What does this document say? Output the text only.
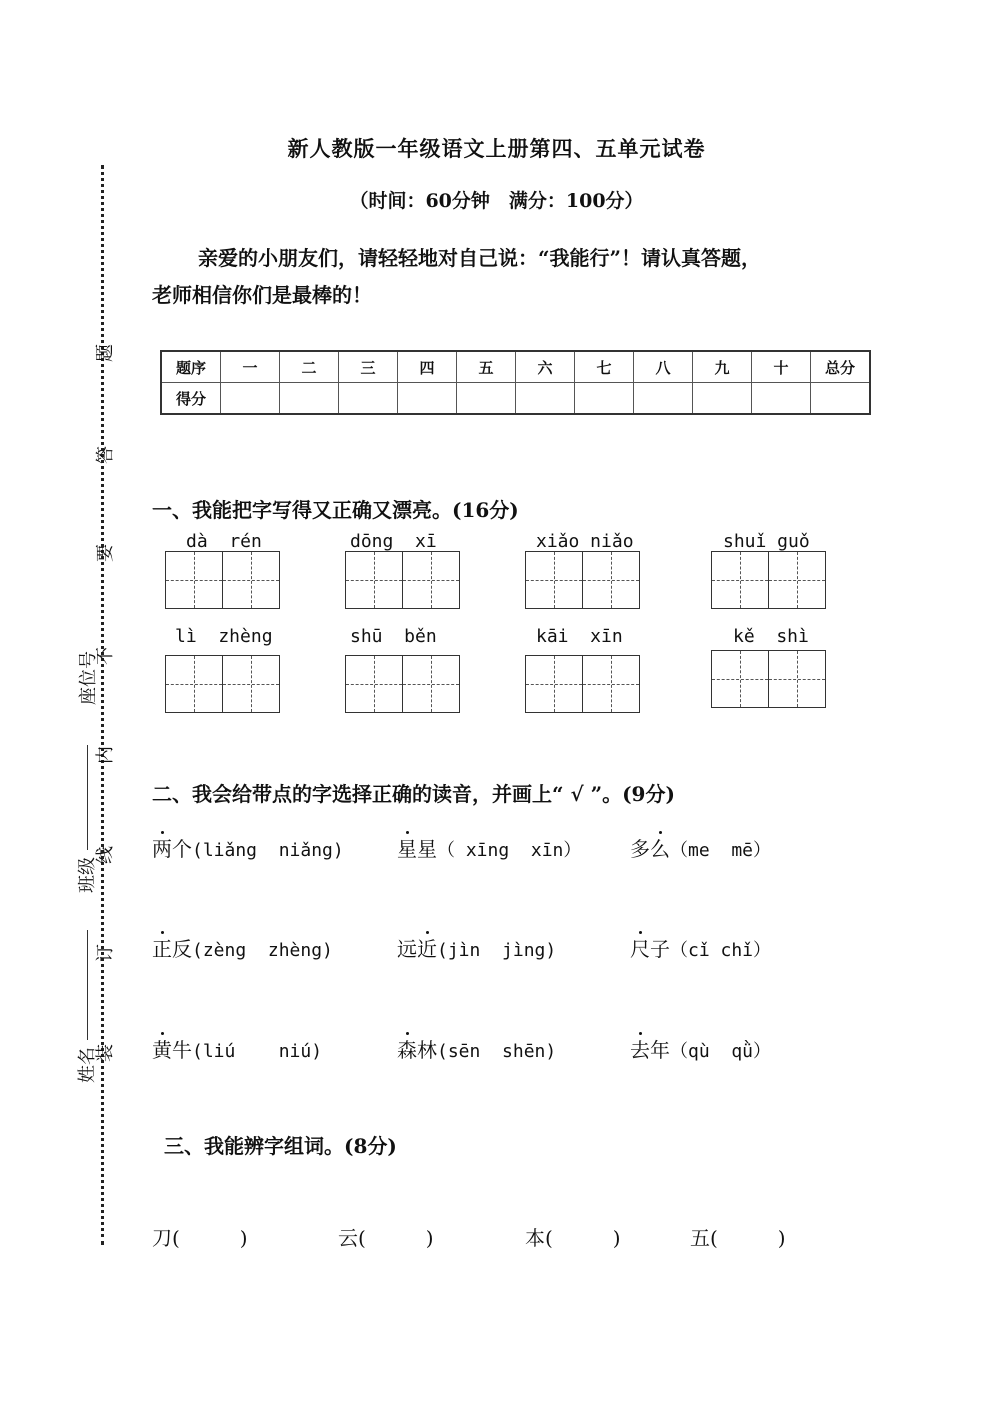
题
答
要
不
内
线
订
装
座位号
班级
姓名
新人教版一年级语文上册第四、五单元试卷
（时间：60分钟　满分：100分）
亲爱的小朋友们，请轻轻地对自己说：“我能行”！请认真答题，
老师相信你们是最棒的！
题序	一	二	三	四	五	六	七	八	九	十	总分
得分											
一、我能把字写得又正确又漂亮。(16分)
dà  rén	dōng  xī	xiǎo niǎo	shuǐ guǒ
lì  zhèng	shū  běn	kāi  xīn	kě  shì
二、我会给带点的字选择正确的读音，并画上“ √ ”。(9分)
两个(liǎng  niǎng)	星星（ xīng  xīn） 多么（me  mē）
正反(zèng  zhèng)	远近(jìn  jìng)	尺子（cǐ chǐ）
黄牛(liú    niú)	森林(sēn  shēn)	去年（qù  qǜ）
三、我能辨字组词。(8分)
刀(　　　)	云(　　　)	本(　　　)	五(　　　)
